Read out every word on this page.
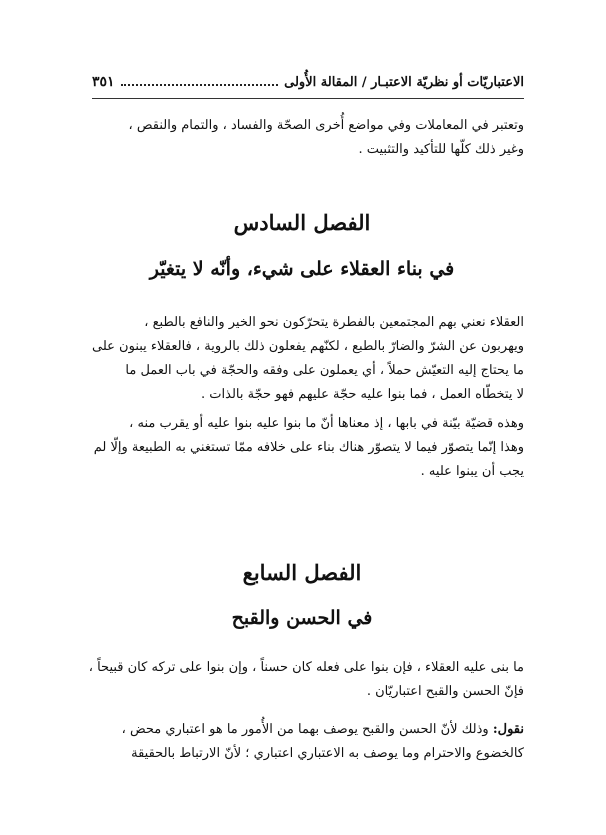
الاعتباريّات أو نظريّة الاعتبـار / المقالة الأُولى
٣٥١

وتعتبر في المعاملات وفي مواضع أُخرى الصحّة والفساد ، والتمام والنقص ،

وغير ذلك كلّها للتأكيد والتثبيت .

الفصل السادس
في بناء العقلاء على شيء، وأنّه لا يتغيّر

العقلاء نعني بهم المجتمعين بالفطرة يتحرّكون نحو الخير والنافع بالطبع ،

ويهربون عن الشرّ والضارّ بالطبع ، لكنّهم يفعلون ذلك بالروية ، فالعقلاء يبنون على

ما يحتاج إليه التعيّش حملاً ، أي يعملون على وفقه والحجّة في باب العمل ما

لا يتخطّاه العمل ، فما بنوا عليه حجّة عليهم فهو حجّة بالذات .

وهذه قضيّة بيّنة في بابها ، إذ معناها أنّ ما بنوا عليه بنوا عليه أو يقرب منه ،

وهذا إنّما يتصوّر فيما لا يتصوّر هناك بناء على خلافه ممّا تستغني به الطبيعة وإلّا لم

يجب أن يبنوا عليه .

الفصل السابع
في الحسن والقبح

ما بنى عليه العقلاء ، فإن بنوا على فعله كان حسناً ، وإن بنوا على تركه كان قبيحاً ،

فإنّ الحسن والقبح اعتباريّان .

نقول: وذلك لأنّ الحسن والقبح يوصف بهما من الأُمور ما هو اعتباري محض ،

كالخضوع والاحترام وما يوصف به الاعتباري اعتباري ؛ لأنّ الارتباط بالحقيقة
